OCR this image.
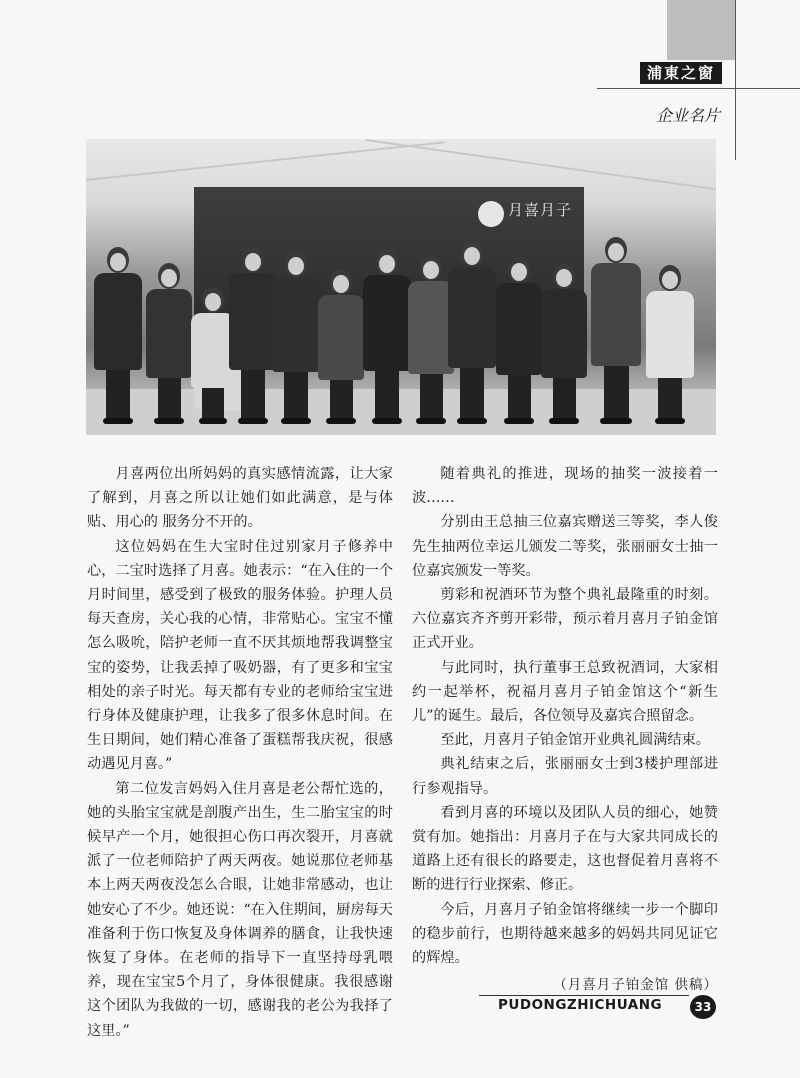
浦東之窗
企业名片
月喜月子

月喜两位出所妈妈的真实感情流露，让大家了解到，月喜之所以让她们如此满意，是与体贴、用心的 服务分不开的。

这位妈妈在生大宝时住过别家月子修养中心，二宝时选择了月喜。她表示：“在入住的一个月时间里，感受到了极致的服务体验。护理人员每天查房，关心我的心情，非常贴心。宝宝不懂怎么吸吮，陪护老师一直不厌其烦地帮我调整宝宝的姿势，让我丢掉了吸奶器，有了更多和宝宝相处的亲子时光。每天都有专业的老师给宝宝进行身体及健康护理，让我多了很多休息时间。在生日期间，她们精心准备了蛋糕帮我庆祝，很感动遇见月喜。”

第二位发言妈妈入住月喜是老公帮忙选的，她的头胎宝宝就是剖腹产出生，生二胎宝宝的时候早产一个月，她很担心伤口再次裂开，月喜就派了一位老师陪护了两天两夜。她说那位老师基本上两天两夜没怎么合眼，让她非常感动，也让她安心了不少。她还说：“在入住期间，厨房每天准备利于伤口恢复及身体调养的膳食，让我快速恢复了身体。在老师的指导下一直坚持母乳喂养，现在宝宝5个月了，身体很健康。我很感谢这个团队为我做的一切，感谢我的老公为我择了这里。”

随着典礼的推进，现场的抽奖一波接着一波……

分别由王总抽三位嘉宾赠送三等奖，李人俊先生抽两位幸运儿颁发二等奖，张丽丽女士抽一位嘉宾颁发一等奖。

剪彩和祝酒环节为整个典礼最隆重的时刻。六位嘉宾齐齐剪开彩带，预示着月喜月子铂金馆正式开业。

与此同时，执行董事王总致祝酒词，大家相约一起举杯，祝福月喜月子铂金馆这个“新生儿”的诞生。最后，各位领导及嘉宾合照留念。

至此，月喜月子铂金馆开业典礼圆满结束。

典礼结束之后，张丽丽女士到3楼护理部进行参观指导。

看到月喜的环境以及团队人员的细心，她赞赏有加。她指出：月喜月子在与大家共同成长的道路上还有很长的路要走，这也督促着月喜将不断的进行行业探索、修正。

今后，月喜月子铂金馆将继续一步一个脚印的稳步前行，也期待越来越多的妈妈共同见证它的辉煌。

（月喜月子铂金馆 供稿）

PUDONGZHICHUANG	33
